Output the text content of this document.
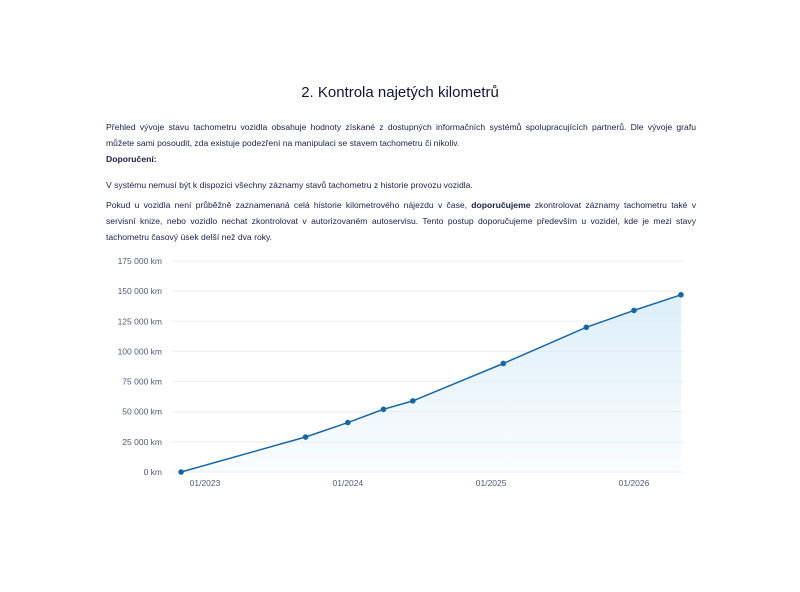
2. Kontrola najetých kilometrů

Přehled vývoje stavu tachometru vozidla obsahuje hodnoty získané z dostupných informačních systémů spolupracujících partnerů. Dle vývoje grafu můžete sami posoudit, zda existuje podezření na manipulaci se stavem tachometru či nikoliv.

Doporučení:

V systému nemusí být k dispozici všechny záznamy stavů tachometru z historie provozu vozidla.

Pokud u vozidla není průběžně zaznamenaná celá historie kilometrového nájezdu v čase, doporučujeme zkontrolovat záznamy tachometru také v servisní knize, nebo vozidlo nechat zkontrolovat v autorizovaném autoservisu. Tento postup doporučujeme především u vozidel, kde je mezi stavy tachometru časový úsek delší než dva roky.

0 km
25 000 km
50 000 km
75 000 km
100 000 km
125 000 km
150 000 km
175 000 km
01/2023	01/2024	01/2025	01/2026
